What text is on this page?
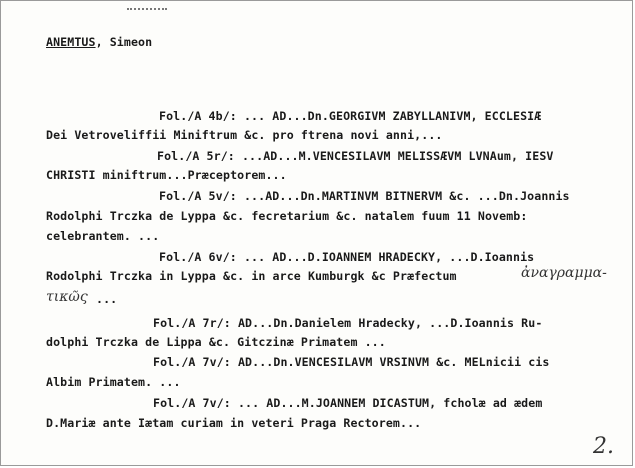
ANEMTUS, Simeon
Fol./A 4b/: ... AD...Dn.GEORGIVM ZABYLLANIVM, ECCLESIÆ
Dei Vetroveliffii Miniftrum &c. pro ftrena novi anni,...
Fol./A 5r/: ...AD...M.VENCESILAVM MELISSÆVM LVNAum, IESV
CHRISTI miniftrum...Præceptorem...
Fol./A 5v/: ...AD...Dn.MARTINVM BITNERVM &c. ...Dn.Joannis
Rodolphi Trczka de Lyppa &c. fecretarium &c. natalem fuum 11 Novemb:
celebrantem. ...
Fol./A 6v/: ... AD...D.IOANNEM HRADECKY, ...D.Ioannis
Rodolphi Trczka in Lyppa &c. in arce Kumburgk &c Præfectum	ἀναγραμμα-
τικῶς ...
Fol./A 7r/: AD...Dn.Danielem Hradecky, ...D.Ioannis Ru-
dolphi Trczka de Lippa &c. Gitczinæ Primatem ...
Fol./A 7v/: AD...Dn.VENCESILAVM VRSINVM &c. MELnicii cis
Albim Primatem. ...
Fol./A 7v/: ... AD...M.JOANNEM DICASTUM, fcholæ ad ædem
D.Mariæ ante Iætam curiam in veteri Praga Rectorem...
2.
